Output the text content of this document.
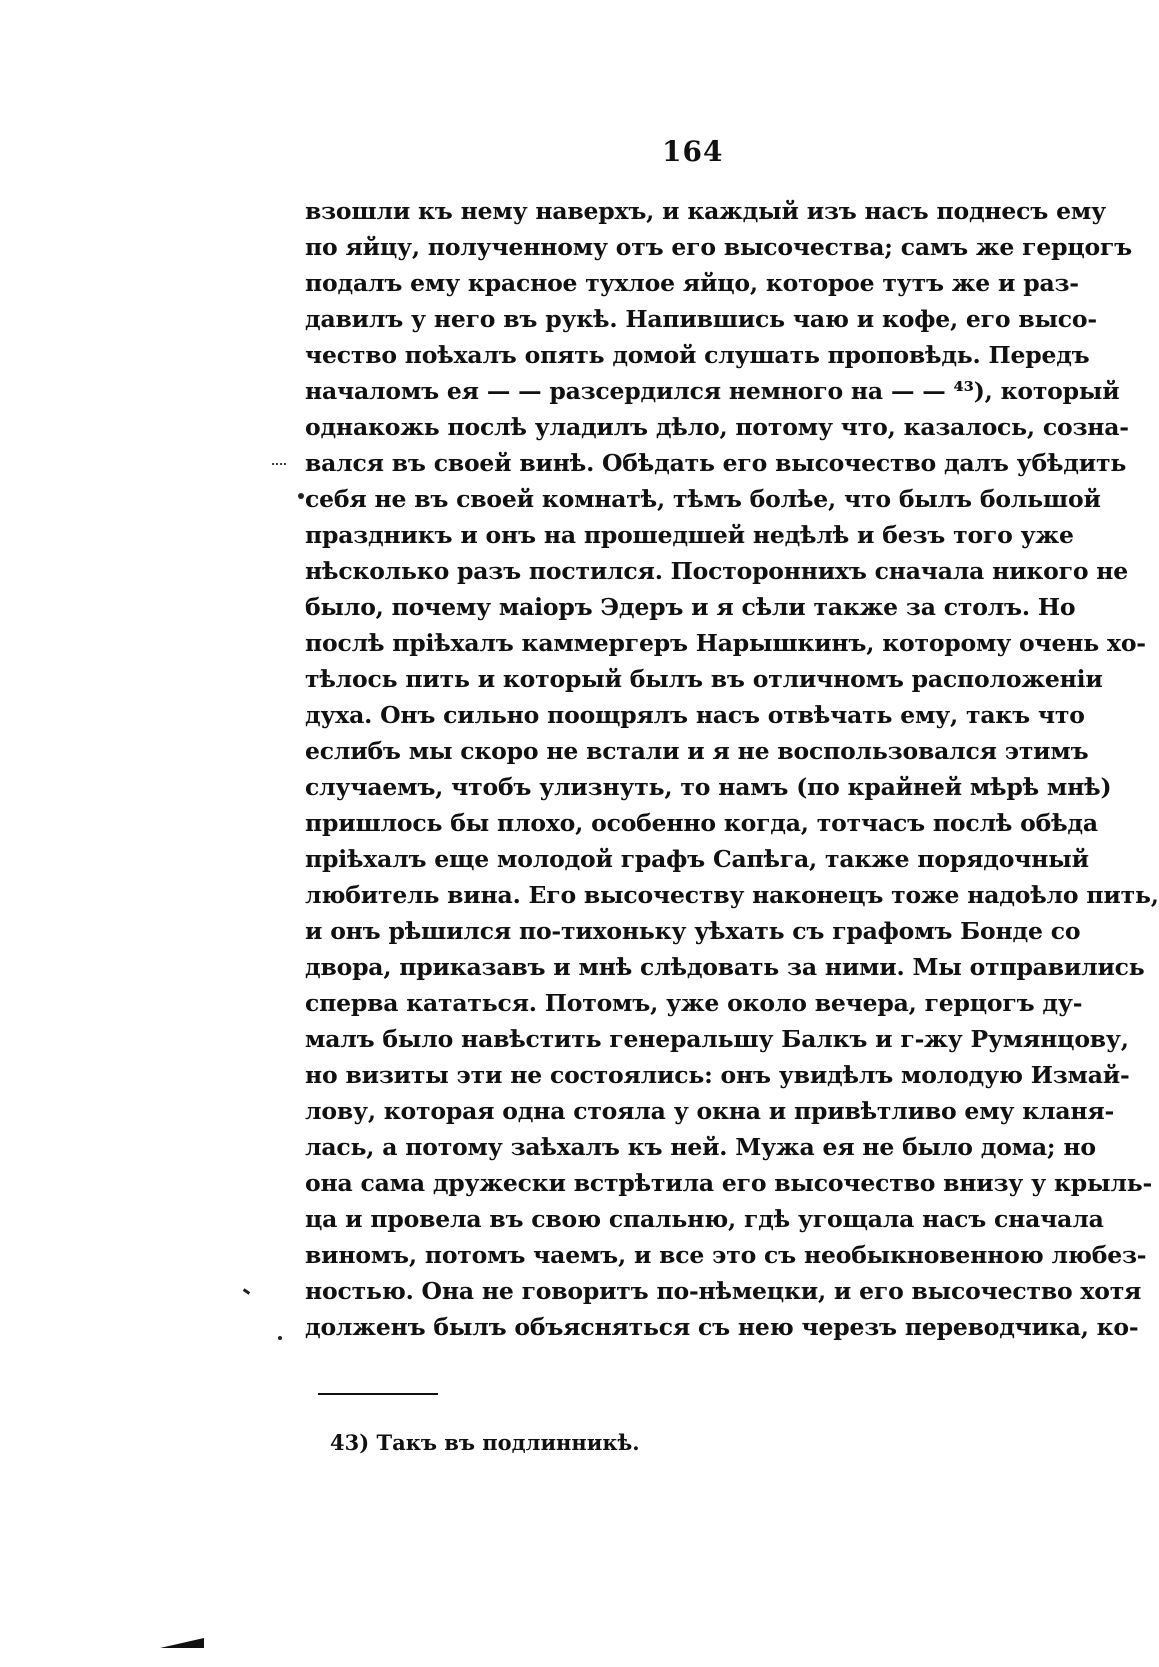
164
взошли къ нему наверхъ, и каждый изъ насъ поднесъ ему
по яйцу, полученному отъ его высочества; самъ же герцогъ
подалъ ему красное тухлое яйцо, которое тутъ же и раз-
давилъ у него въ рукѣ. Напившись чаю и кофе, его высо-
чество поѣхалъ опять домой слушать проповѣдь. Передъ
началомъ ея — — разсердился немного на — — ⁴³), который
однакожь послѣ уладилъ дѣло, потому что, казалось, созна-
вался въ своей винѣ. Обѣдать его высочество далъ убѣдить
себя не въ своей комнатѣ, тѣмъ болѣе, что былъ большой
праздникъ и онъ на прошедшей недѣлѣ и безъ того уже
нѣсколько разъ постился. Постороннихъ сначала никого не
было, почему маіоръ Эдеръ и я сѣли также за столъ. Но
послѣ пріѣхалъ каммергеръ Нарышкинъ, которому очень хо-
тѣлось пить и который былъ въ отличномъ расположеніи
духа. Онъ сильно поощрялъ насъ отвѣчать ему, такъ что
еслибъ мы скоро не встали и я не воспользовался этимъ
случаемъ, чтобъ улизнуть, то намъ (по крайней мѣрѣ мнѣ)
пришлось бы плохо, особенно когда, тотчасъ послѣ обѣда
пріѣхалъ еще молодой графъ Сапѣга, также порядочный
любитель вина. Его высочеству наконецъ тоже надоѣло пить,
и онъ рѣшился по-тихоньку уѣхать съ графомъ Бонде со
двора, приказавъ и мнѣ слѣдовать за ними. Мы отправились
сперва кататься. Потомъ, уже около вечера, герцогъ ду-
малъ было навѣстить генеральшу Балкъ и г-жу Румянцову,
но визиты эти не состоялись: онъ увидѣлъ молодую Измай-
лову, которая одна стояла у окна и привѣтливо ему кланя-
лась, а потому заѣхалъ къ ней. Мужа ея не было дома; но
она сама дружески встрѣтила его высочество внизу у крыль-
ца и провела въ свою спальню, гдѣ угощала насъ сначала
виномъ, потомъ чаемъ, и все это съ необыкновенною любез-
ностью. Она не говоритъ по-нѣмецки, и его высочество хотя
долженъ былъ объясняться съ нею черезъ переводчика, ко-
43) Такъ въ подлинникѣ.
